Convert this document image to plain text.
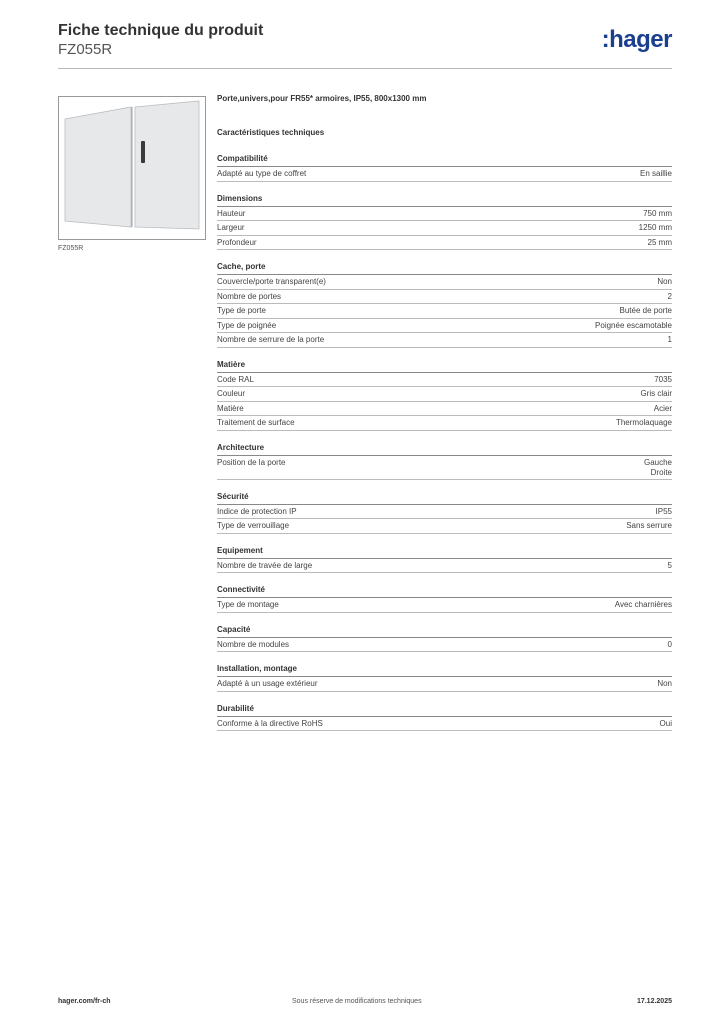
Fiche technique du produit
FZ055R	:hager
FZ055R
Porte,univers,pour FR55* armoires, IP55, 800x1300 mm
Caractéristiques techniques
Compatibilité
Adapté au type de coffret	En saillie
Dimensions
Hauteur	750 mm
Largeur	1250 mm
Profondeur	25 mm
Cache, porte
Couvercle/porte transparent(e)	Non
Nombre de portes	2
Type de porte	Butée de porte
Type de poignée	Poignée escamotable
Nombre de serrure de la porte	1
Matière
Code RAL	7035
Couleur	Gris clair
Matière	Acier
Traitement de surface	Thermolaquage
Architecture
Position de la porte	Gauche
Droite
Sécurité
Indice de protection IP	IP55
Type de verrouillage	Sans serrure
Equipement
Nombre de travée de large	5
Connectivité
Type de montage	Avec charnières
Capacité
Nombre de modules	0
Installation, montage
Adapté à un usage extérieur	Non
Durabilité
Conforme à la directive RoHS	Oui
hager.com/fr-ch	Sous réserve de modifications techniques	17.12.2025
